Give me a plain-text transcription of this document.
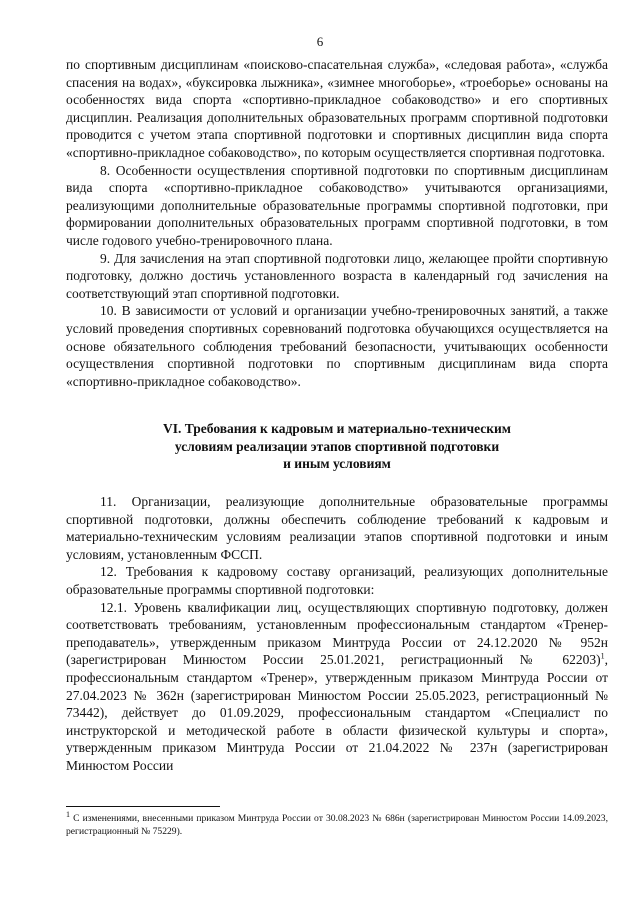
6

по спортивным дисциплинам «поисково-спасательная служба», «следовая работа», «служба спасения на водах», «буксировка лыжника», «зимнее многоборье», «троеборье» основаны на особенностях вида спорта «спортивно-прикладное собаководство» и его спортивных дисциплин. Реализация дополнительных образовательных программ спортивной подготовки проводится с учетом этапа спортивной подготовки и спортивных дисциплин вида спорта «спортивно-прикладное собаководство», по которым осуществляется спортивная подготовка.

8. Особенности осуществления спортивной подготовки по спортивным дисциплинам вида спорта «спортивно-прикладное собаководство» учитываются организациями, реализующими дополнительные образовательные программы спортивной подготовки, при формировании дополнительных образовательных программ спортивной подготовки, в том числе годового учебно-тренировочного плана.

9. Для зачисления на этап спортивной подготовки лицо, желающее пройти спортивную подготовку, должно достичь установленного возраста в календарный год зачисления на соответствующий этап спортивной подготовки.

10. В зависимости от условий и организации учебно-тренировочных занятий, а также условий проведения спортивных соревнований подготовка обучающихся осуществляется на основе обязательного соблюдения требований безопасности, учитывающих особенности осуществления спортивной подготовки по спортивным дисциплинам вида спорта «спортивно-прикладное собаководство».

VI. Требования к кадровым и материально-техническим
условиям реализации этапов спортивной подготовки
и иным условиям

11. Организации, реализующие дополнительные образовательные программы спортивной подготовки, должны обеспечить соблюдение требований к кадровым и материально-техническим условиям реализации этапов спортивной подготовки и иным условиям, установленным ФССП.

12. Требования к кадровому составу организаций, реализующих дополнительные образовательные программы спортивной подготовки:

12.1. Уровень квалификации лиц, осуществляющих спортивную подготовку, должен соответствовать требованиям, установленным профессиональным стандартом «Тренер-преподаватель», утвержденным приказом Минтруда России от 24.12.2020 № 952н (зарегистрирован Минюстом России 25.01.2021, регистрационный № 62203)$^1$, профессиональным стандартом «Тренер», утвержденным приказом Минтруда России от 27.04.2023 № 362н (зарегистрирован Минюстом России 25.05.2023, регистрационный № 73442), действует до 01.09.2029, профессиональным стандартом «Специалист по инструкторской и методической работе в области физической культуры и спорта», утвержденным приказом Минтруда России от 21.04.2022 № 237н (зарегистрирован Минюстом России

$^1$ С изменениями, внесенными приказом Минтруда России от 30.08.2023 № 686н (зарегистрирован Минюстом России 14.09.2023, регистрационный № 75229).
